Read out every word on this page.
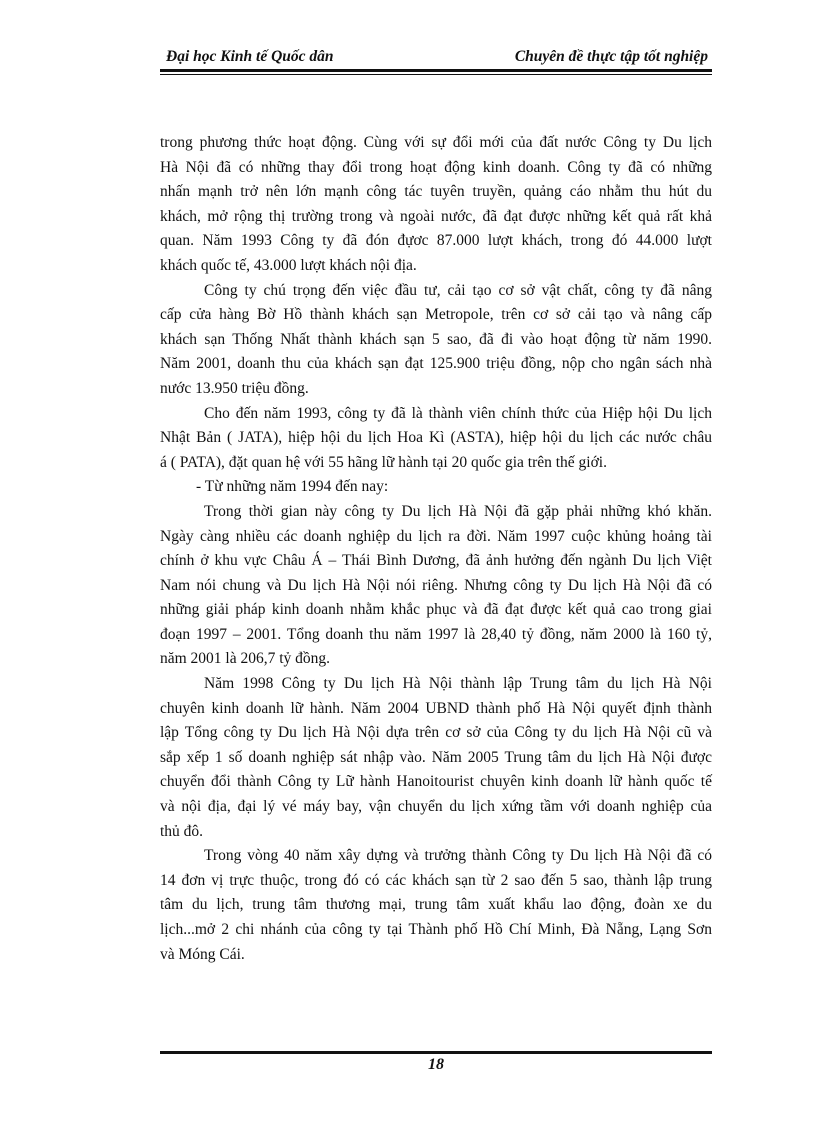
Đại học Kinh tế Quốc dân	Chuyên đề thực tập tốt nghiệp

trong phương thức hoạt động. Cùng với sự đổi mới của đất nước Công ty Du lịch

Hà Nội đã có những thay đổi trong hoạt động kinh doanh. Công ty đã có những

nhấn mạnh trở nên lớn mạnh công tác tuyên truyền, quảng cáo nhằm thu hút du

khách, mở rộng thị trường trong và ngoài nước, đã đạt được những kết quả rất khả

quan. Năm 1993 Công ty đã đón đựơc 87.000 lượt khách, trong đó 44.000 lượt

khách quốc tế, 43.000 lượt khách nội địa.

Công ty chú trọng đến việc đầu tư, cải tạo cơ sở vật chất, công ty đã nâng

cấp cửa hàng Bờ Hồ thành khách sạn Metropole, trên cơ sở cải tạo và nâng cấp

khách sạn Thống Nhất thành khách sạn 5 sao, đã đi vào hoạt động từ năm 1990.

Năm 2001, doanh thu của khách sạn đạt 125.900 triệu đồng, nộp cho ngân sách nhà

nước 13.950 triệu đồng.

Cho đến năm 1993, công ty đã là thành viên chính thức của Hiệp hội Du lịch

Nhật Bản ( JATA), hiệp hội du lịch Hoa Kì (ASTA), hiệp hội du lịch các nước châu

á ( PATA), đặt quan hệ với 55 hãng lữ hành tại 20 quốc gia trên thế giới.

- Từ những năm 1994 đến nay:

Trong thời gian này công ty Du lịch Hà Nội đã gặp phải những khó khăn.

Ngày càng nhiều các doanh nghiệp du lịch ra đời. Năm 1997 cuộc khủng hoảng tài

chính ở khu vực Châu Á – Thái Bình Dương, đã ảnh hưởng đến ngành Du lịch Việt

Nam nói chung và Du lịch Hà Nội nói riêng. Nhưng công ty Du lịch Hà Nội đã có

những giải pháp kinh doanh nhằm khắc phục và đã đạt được kết quả cao trong giai

đoạn 1997 – 2001. Tổng doanh thu năm 1997 là 28,40 tỷ đồng, năm 2000 là 160 tỷ,

năm 2001 là 206,7 tỷ đồng.

Năm 1998 Công ty Du lịch Hà Nội thành lập Trung tâm du lịch Hà Nội

chuyên kinh doanh lữ hành. Năm 2004 UBND thành phố Hà Nội quyết định thành

lập Tổng công ty Du lịch Hà Nội dựa trên cơ sở của Công ty du lịch Hà Nội cũ và

sắp xếp 1 số doanh nghiệp sát nhập vào. Năm 2005 Trung tâm du lịch Hà Nội được

chuyển đổi thành Công ty Lữ hành Hanoitourist chuyên kinh doanh lữ hành quốc tế

và nội địa, đại lý vé máy bay, vận chuyển du lịch xứng tầm với doanh nghiệp của

thủ đô.

Trong vòng 40 năm xây dựng và trưởng thành Công ty Du lịch Hà Nội đã có

14 đơn vị trực thuộc, trong đó có các khách sạn từ 2 sao đến 5 sao, thành lập trung

tâm du lịch, trung tâm thương mại, trung tâm xuất khẩu lao động, đoàn xe du

lịch...mở 2 chi nhánh của công ty tại Thành phố Hồ Chí Minh, Đà Nẵng, Lạng Sơn

và Móng Cái.

18
